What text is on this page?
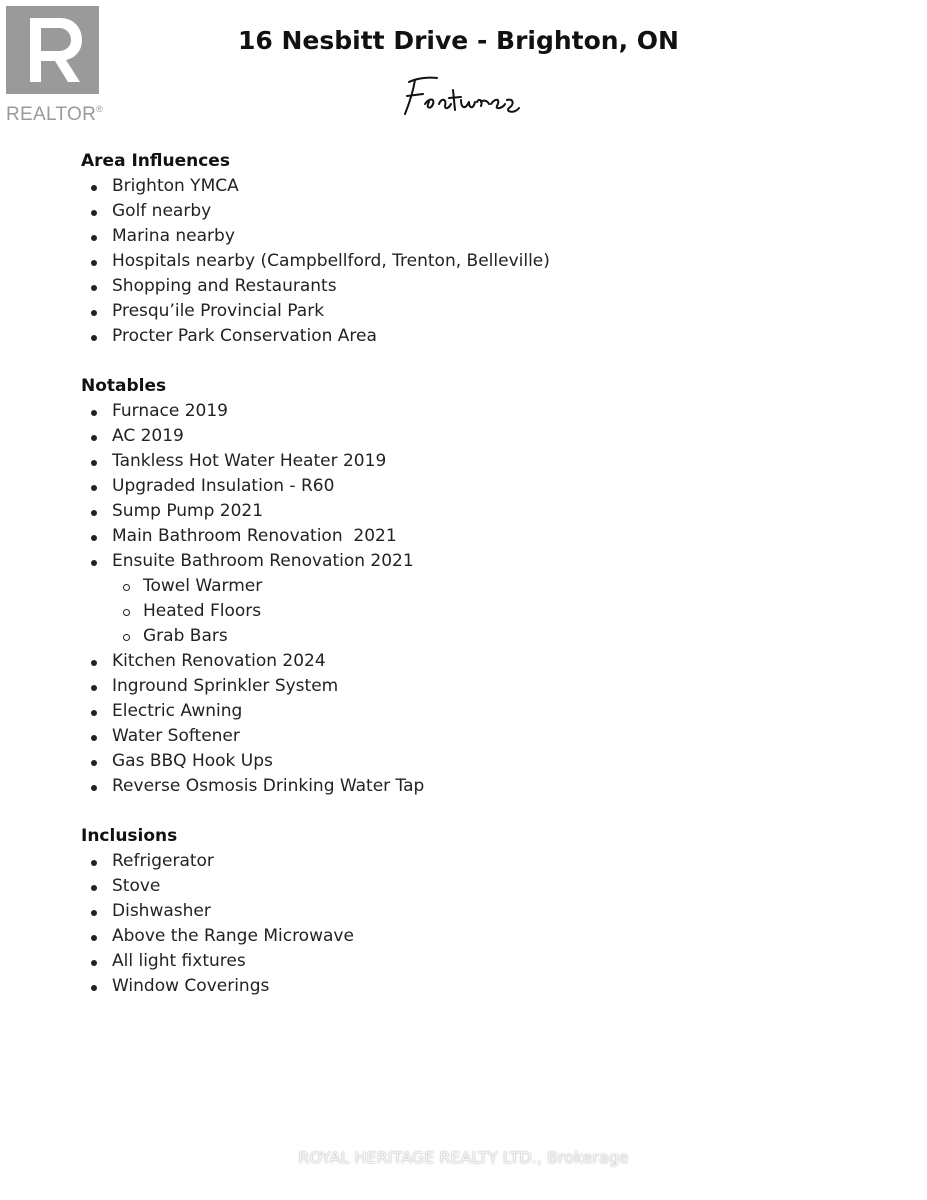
REALTOR®
16 Nesbitt Drive - Brighton, ON
Area Influences
Brighton YMCA
Golf nearby
Marina nearby
Hospitals nearby (Campbellford, Trenton, Belleville)
Shopping and Restaurants
Presqu’ile Provincial Park
Procter Park Conservation Area
Notables
Furnace 2019
AC 2019
Tankless Hot Water Heater 2019
Upgraded Insulation - R60
Sump Pump 2021
Main Bathroom Renovation  2021
Ensuite Bathroom Renovation 2021
Towel Warmer
Heated Floors
Grab Bars
Kitchen Renovation 2024
Inground Sprinkler System
Electric Awning
Water Softener
Gas BBQ Hook Ups
Reverse Osmosis Drinking Water Tap
Inclusions
Refrigerator
Stove
Dishwasher
Above the Range Microwave
All light fixtures
Window Coverings
ROYAL HERITAGE REALTY LTD., Brokerage
